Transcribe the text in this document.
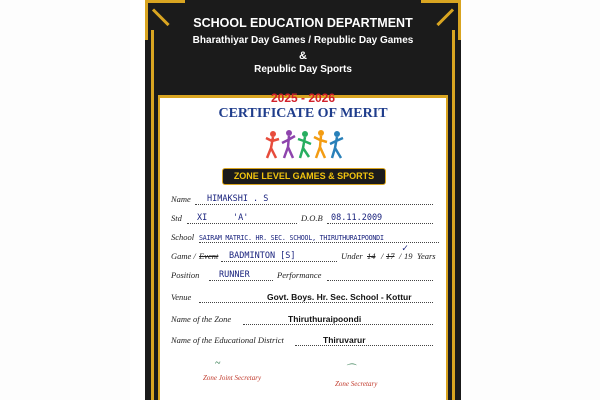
SCHOOL EDUCATION DEPARTMENT
Bharathiyar Day Games / Republic Day Games
&
Republic Day Sports
2025 - 2026
CERTIFICATE OF MERIT
ZONE LEVEL GAMES & SPORTS
Name HIMAKSHI . S
Std XI	'A'	D.O.B 08.11.2009
School SAIRAM MATRIC. HR. SEC. SCHOOL, THIRUTHURAIPOONDI
Game / Event BADMINTON [S]	Under 14 / 17 / 19 Years
✓
Position RUNNER	Performance
Venue	Govt. Boys. Hr. Sec. School - Kottur
Name of the Zone	Thiruthuraipoondi
Name of the Educational District	Thiruvarur
~
⌒
Zone Joint Secretary
Zone Secretary
